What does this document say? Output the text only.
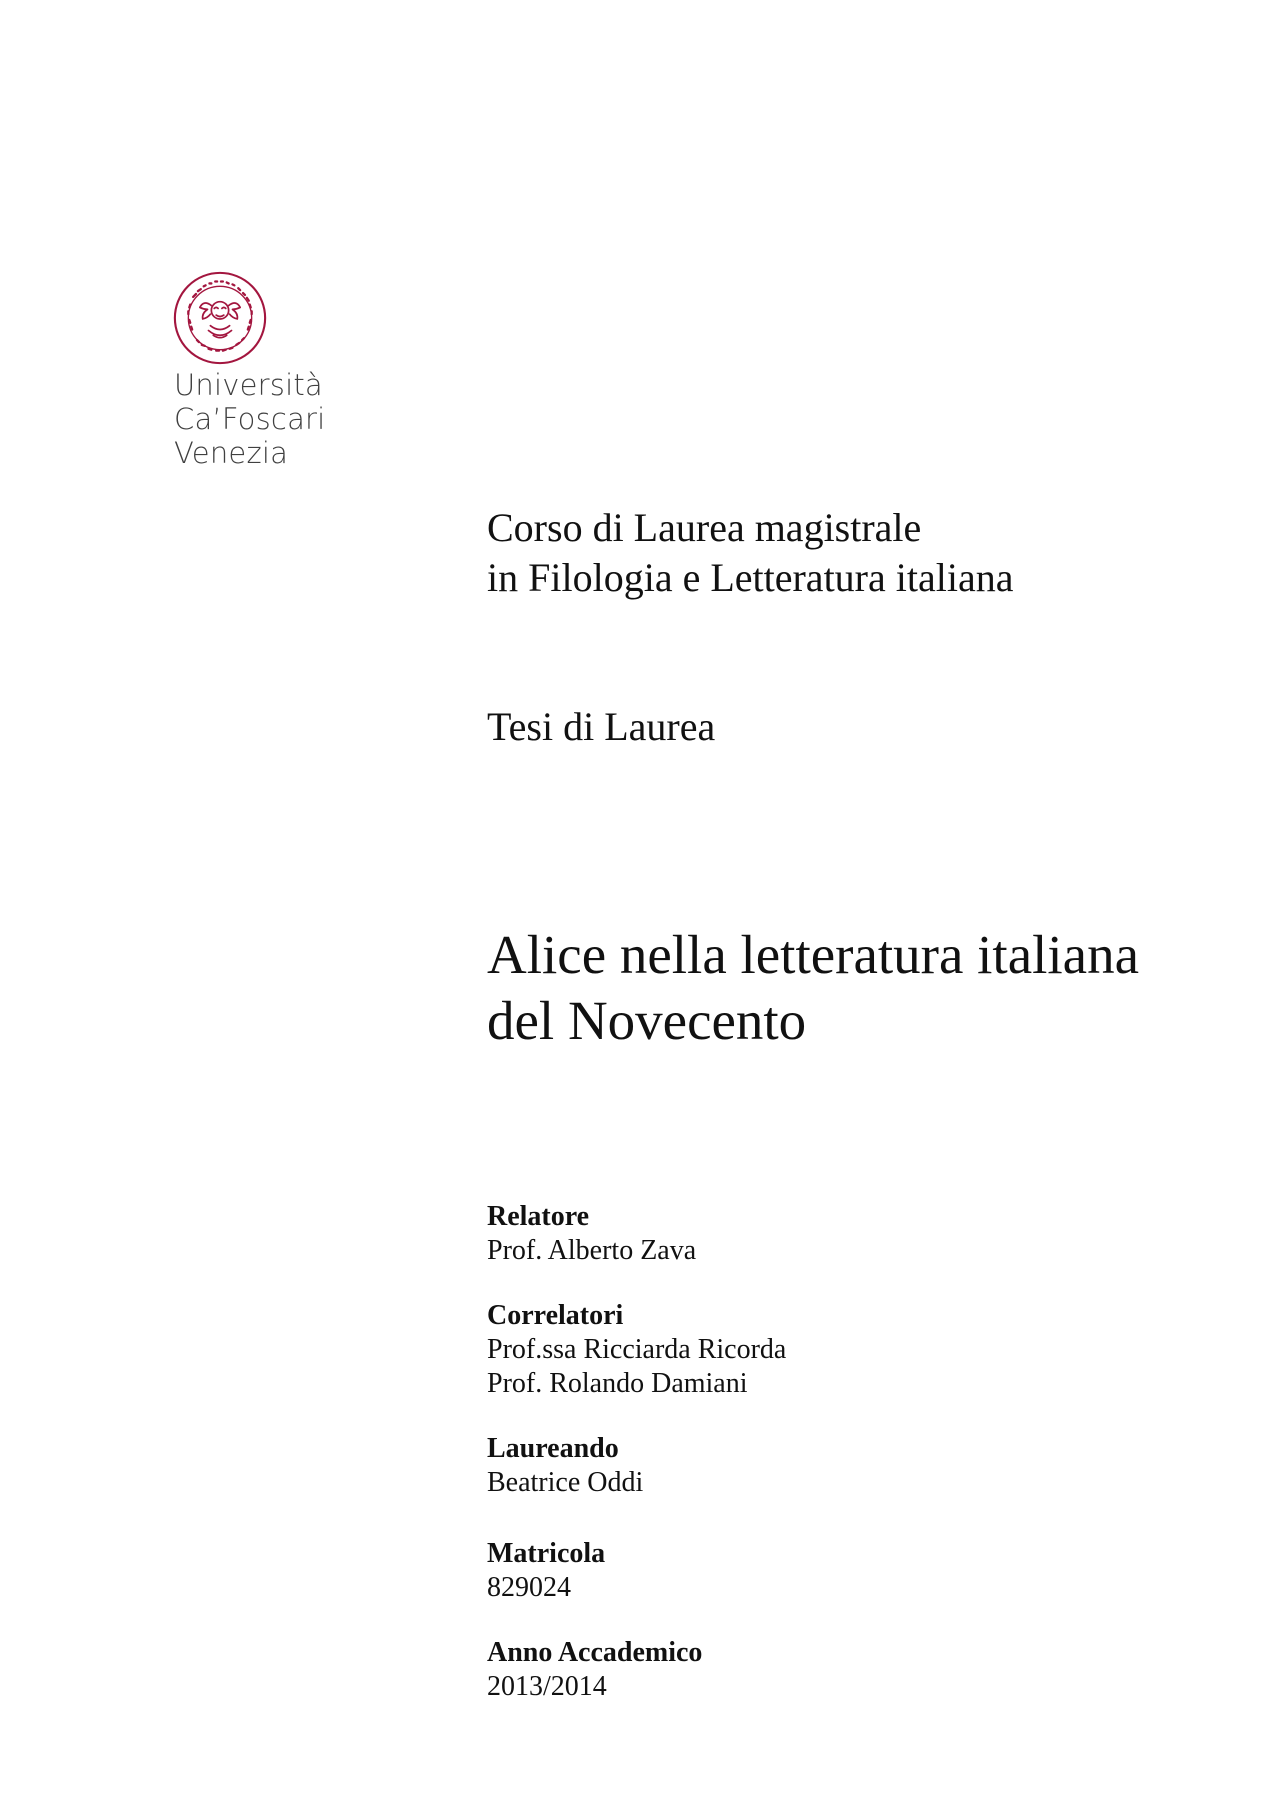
Università
Ca’Foscari
Venezia
Corso di Laurea magistrale
in Filologia e Letteratura italiana
Tesi di Laurea
Alice nella letteratura italiana
del Novecento
Relatore
Prof. Alberto Zava
Correlatori
Prof.ssa Ricciarda Ricorda
Prof. Rolando Damiani
Laureando
Beatrice Oddi
Matricola
829024
Anno Accademico
2013/2014
